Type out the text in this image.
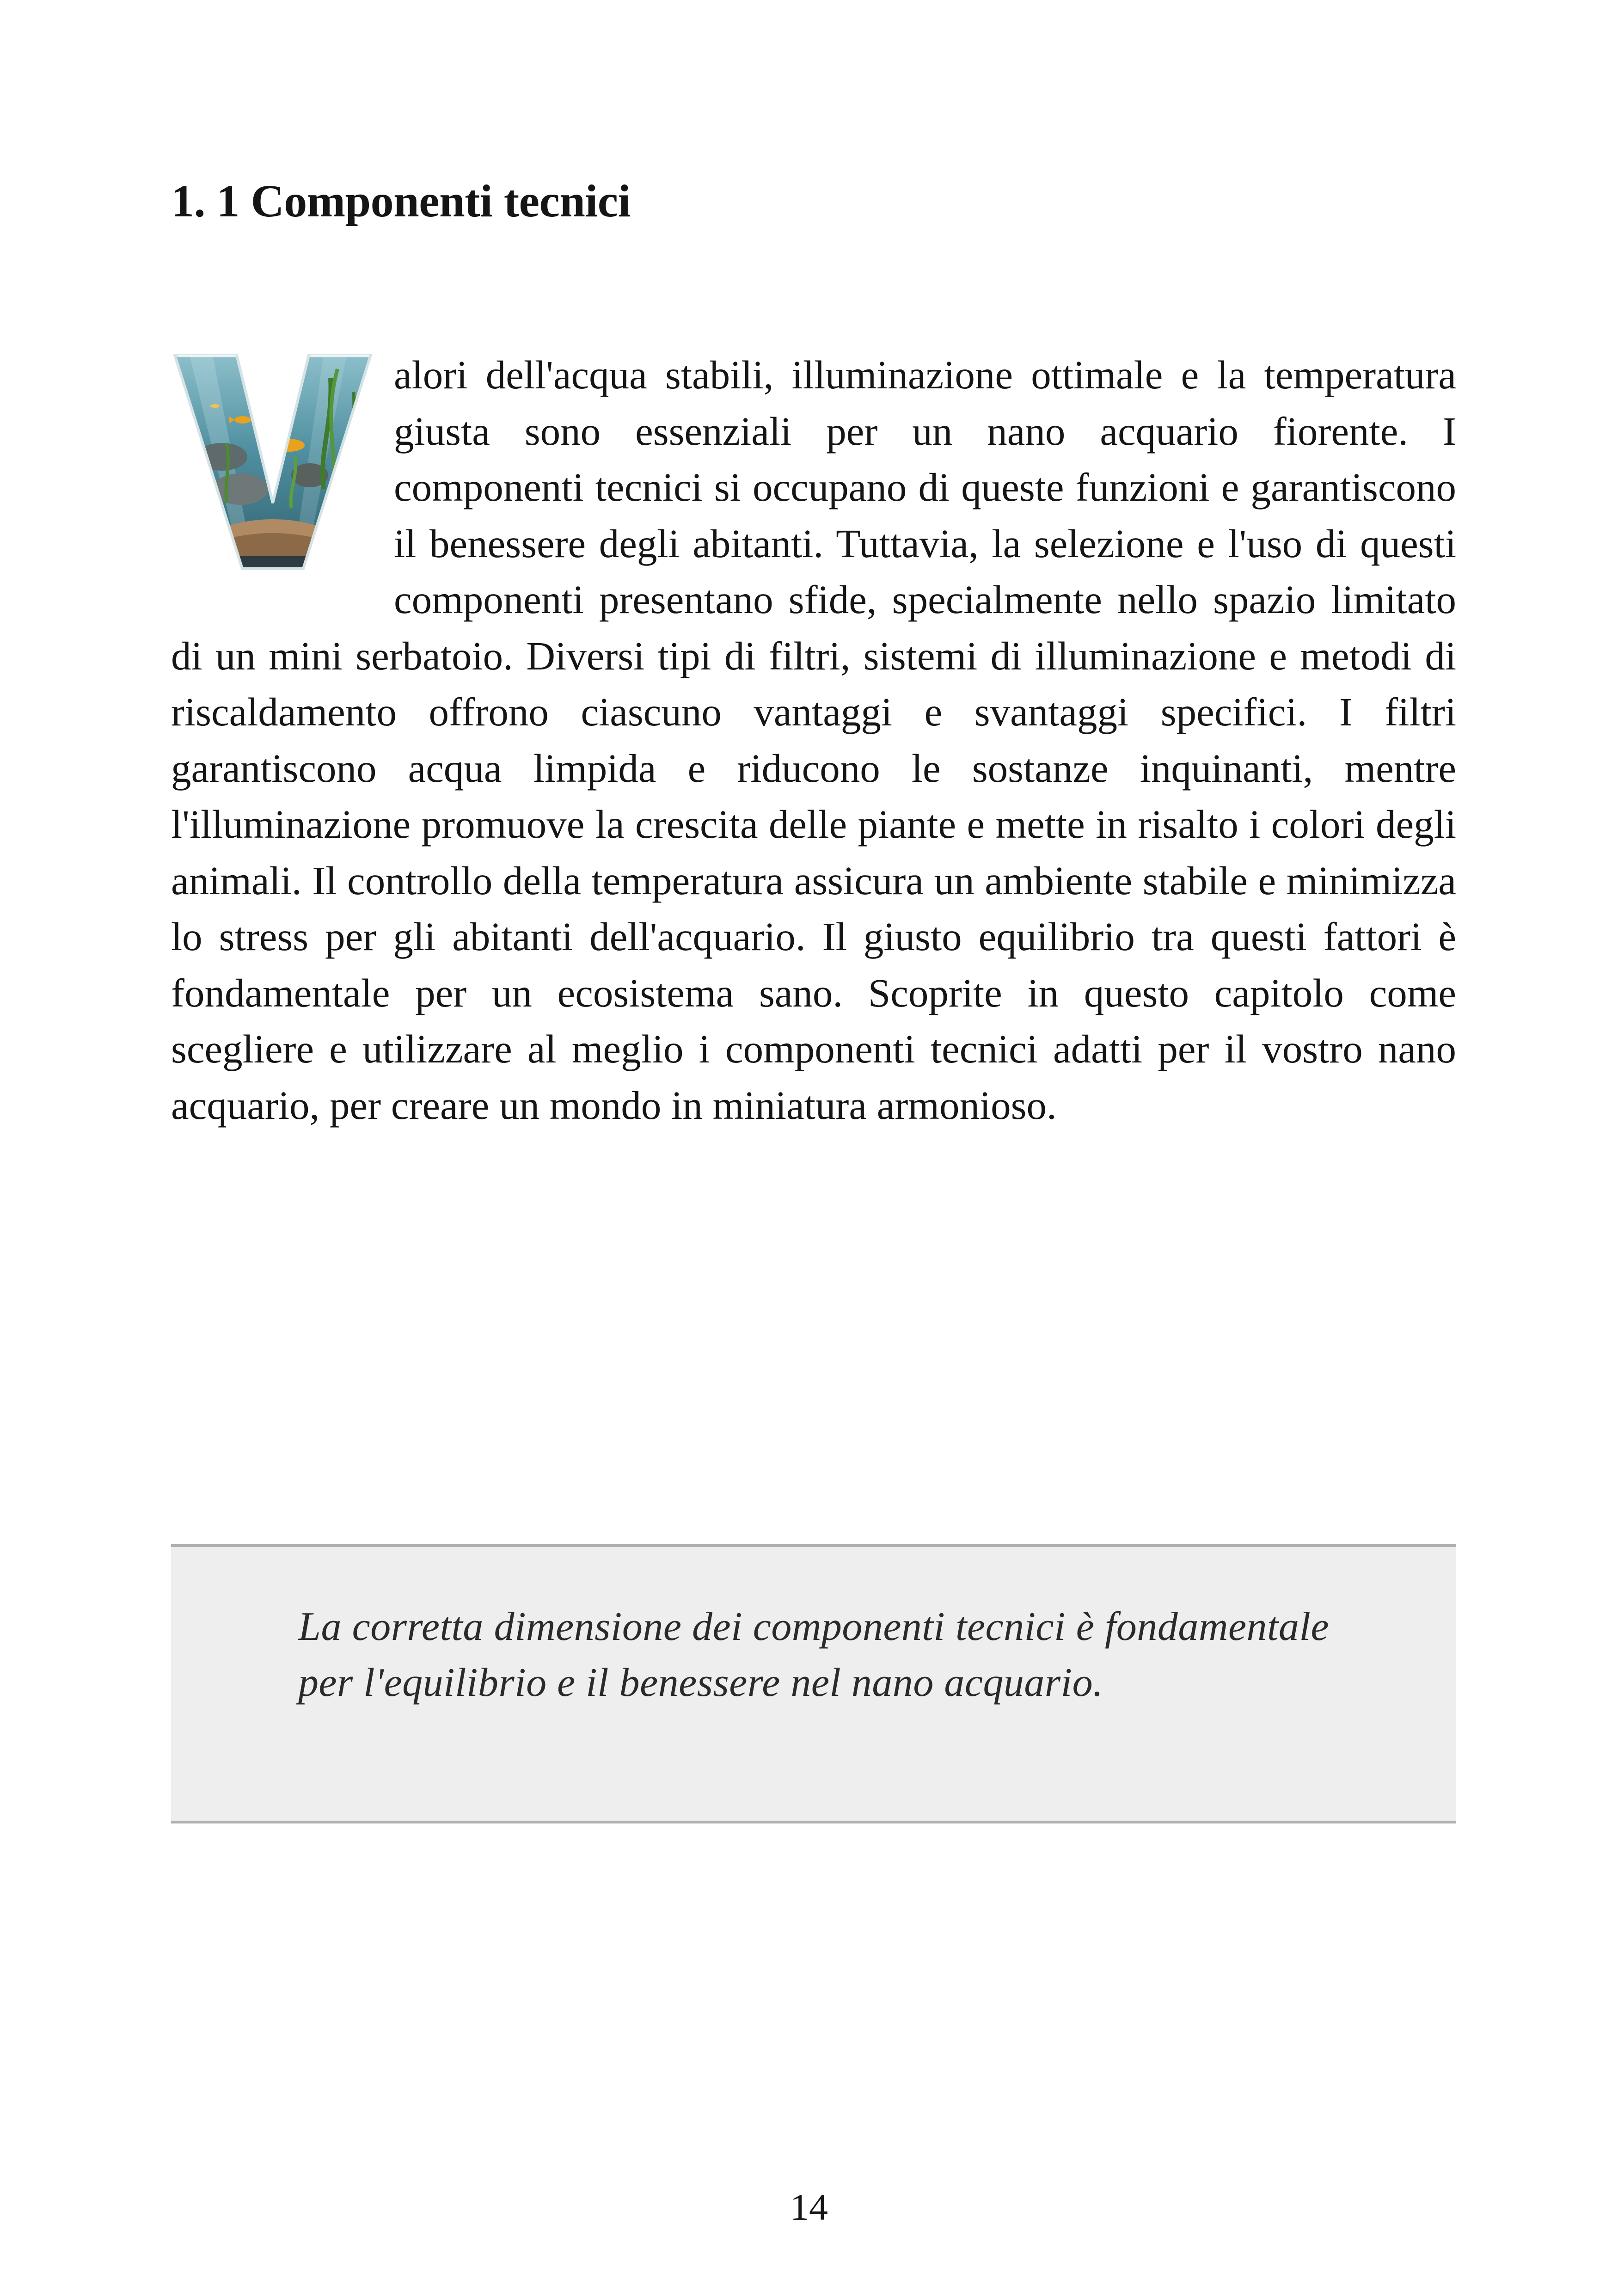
1. 1 Componenti tecnici

alori dell'acqua stabili, illuminazione ottimale e la temperatura giusta sono essenziali per un nano acquario fiorente. I componenti tecnici si occupano di queste funzioni e garantiscono il benessere degli abitanti. Tuttavia, la selezione e l'uso di questi componenti presentano sfide, specialmente nello spazio limitato di un mini serbatoio. Diversi tipi di filtri, sistemi di illuminazione e metodi di riscaldamento offrono ciascuno vantaggi e svantaggi specifici. I filtri garantiscono acqua limpida e riducono le sostanze inquinanti, mentre l'illuminazione promuove la crescita delle piante e mette in risalto i colori degli animali. Il controllo della temperatura assicura un ambiente stabile e minimizza lo stress per gli abitanti dell'acquario. Il giusto equilibrio tra questi fattori è fondamentale per un ecosistema sano. Scoprite in questo capitolo come scegliere e utilizzare al meglio i componenti tecnici adatti per il vostro nano acquario, per creare un mondo in miniatura armonioso.

La corretta dimensione dei componenti tecnici è fondamentale per l'equilibrio e il benessere nel nano acquario.

14
